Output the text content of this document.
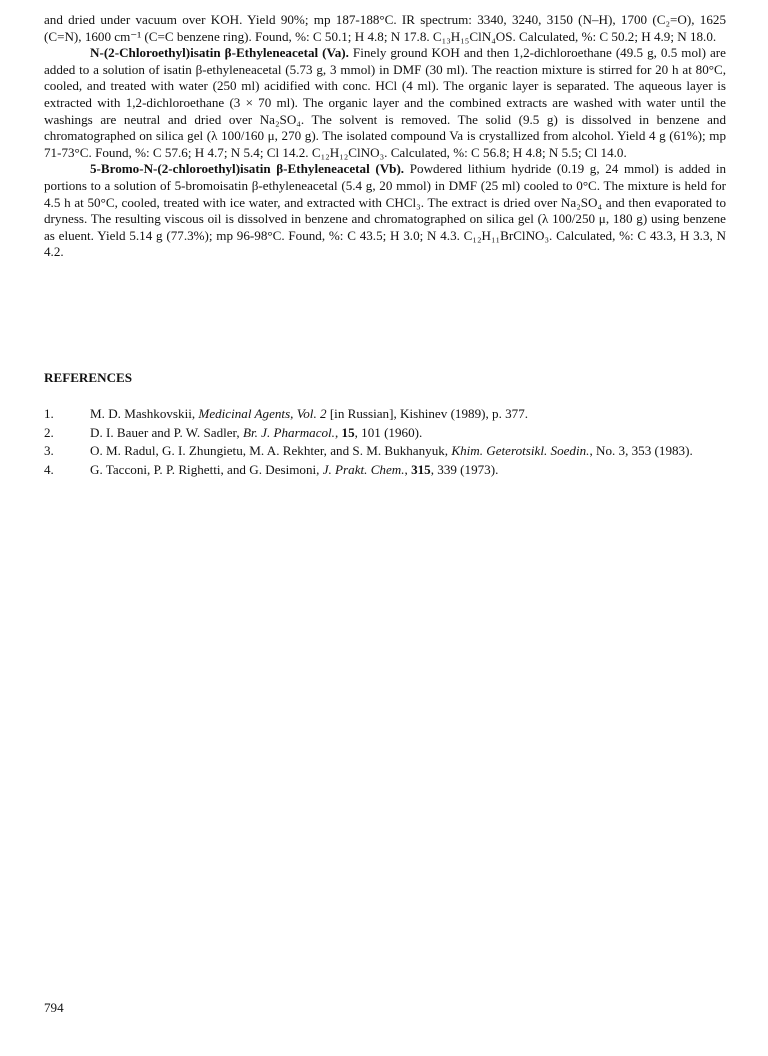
and dried under vacuum over KOH. Yield 90%; mp 187-188°C. IR spectrum: 3340, 3240, 3150 (N–H), 1700 (C₂=O), 1625 (C=N), 1600 cm⁻¹ (C=C benzene ring). Found, %: C 50.1; H 4.8; N 17.8. C₁₃H₁₅ClN₄OS. Calculated, %: C 50.2; H 4.9; N 18.0.

N-(2-Chloroethyl)isatin β-Ethyleneacetal (Va). Finely ground KOH and then 1,2-dichloroethane (49.5 g, 0.5 mol) are added to a solution of isatin β-ethyleneacetal (5.73 g, 3 mmol) in DMF (30 ml). The reaction mixture is stirred for 20 h at 80°C, cooled, and treated with water (250 ml) acidified with conc. HCl (4 ml). The organic layer is separated. The aqueous layer is extracted with 1,2-dichloroethane (3 × 70 ml). The organic layer and the combined extracts are washed with water until the washings are neutral and dried over Na₂SO₄. The solvent is removed. The solid (9.5 g) is dissolved in benzene and chromatographed on silica gel (λ 100/160 μ, 270 g). The isolated compound Va is crystallized from alcohol. Yield 4 g (61%); mp 71-73°C. Found, %: C 57.6; H 4.7; N 5.4; Cl 14.2. C₁₂H₁₂ClNO₃. Calculated, %: C 56.8; H 4.8; N 5.5; Cl 14.0.

5-Bromo-N-(2-chloroethyl)isatin β-Ethyleneacetal (Vb). Powdered lithium hydride (0.19 g, 24 mmol) is added in portions to a solution of 5-bromoisatin β-ethyleneacetal (5.4 g, 20 mmol) in DMF (25 ml) cooled to 0°C. The mixture is held for 4.5 h at 50°C, cooled, treated with ice water, and extracted with CHCl₃. The extract is dried over Na₂SO₄ and then evaporated to dryness. The resulting viscous oil is dissolved in benzene and chromatographed on silica gel (λ 100/250 μ, 180 g) using benzene as eluent. Yield 5.14 g (77.3%); mp 96-98°C. Found, %: C 43.5; H 3.0; N 4.3. C₁₂H₁₁BrClNO₃. Calculated, %: C 43.3, H 3.3, N 4.2.

REFERENCES
1.	M. D. Mashkovskii, Medicinal Agents, Vol. 2 [in Russian], Kishinev (1989), p. 377.
2.	D. I. Bauer and P. W. Sadler, Br. J. Pharmacol., 15, 101 (1960).
3.	O. M. Radul, G. I. Zhungietu, M. A. Rekhter, and S. M. Bukhanyuk, Khim. Geterotsikl. Soedin., No. 3, 353 (1983).
4.	G. Tacconi, P. P. Righetti, and G. Desimoni, J. Prakt. Chem., 315, 339 (1973).
794
